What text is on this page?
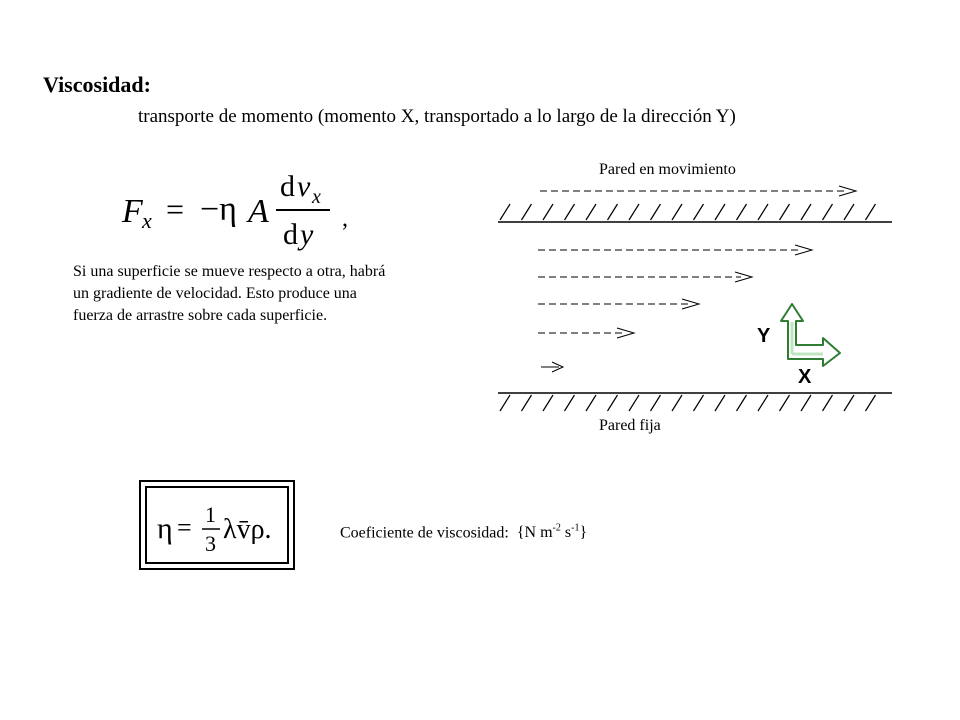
Viscosidad:
transporte de momento (momento X, transportado a lo largo de la dirección Y)
F x = −η A
d v x
d y ,
Si una superficie se mueve respecto a otra, habrá
un gradiente de velocidad. Esto produce una
fuerza de arrastre sobre cada superficie.
Pared en movimiento
Pared fija
Y
X
η = 1
3 λv̄ρ.	Coeficiente de viscosidad: {N $m^{-2}$ $s^{-1}$}
